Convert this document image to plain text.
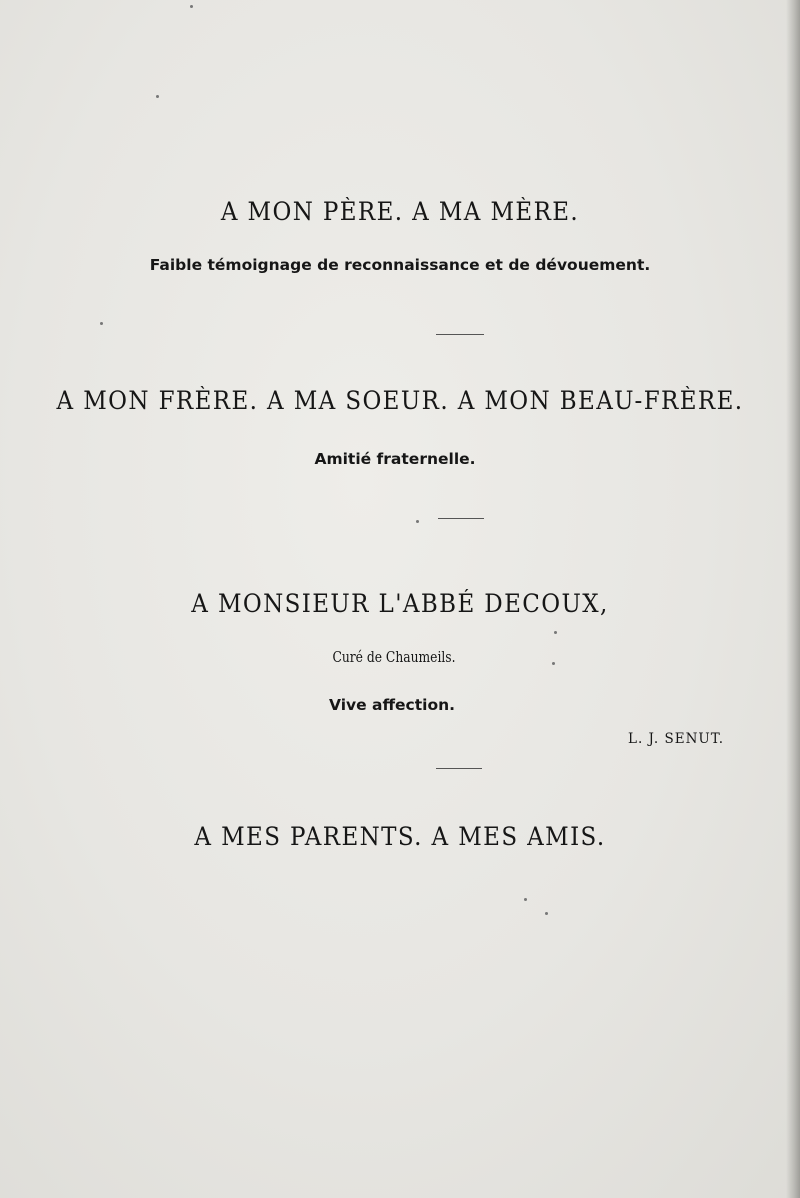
A MON PÈRE. A MA MÈRE.
Faible témoignage de reconnaissance et de dévouement.
A MON FRÈRE. A MA SOEUR. A MON BEAU-FRÈRE.
Amitié fraternelle.
A MONSIEUR L'ABBÉ DECOUX,
Curé de Chaumeils.
Vive affection.
A MES PARENTS. A MES AMIS.
L. J. SENUT.
